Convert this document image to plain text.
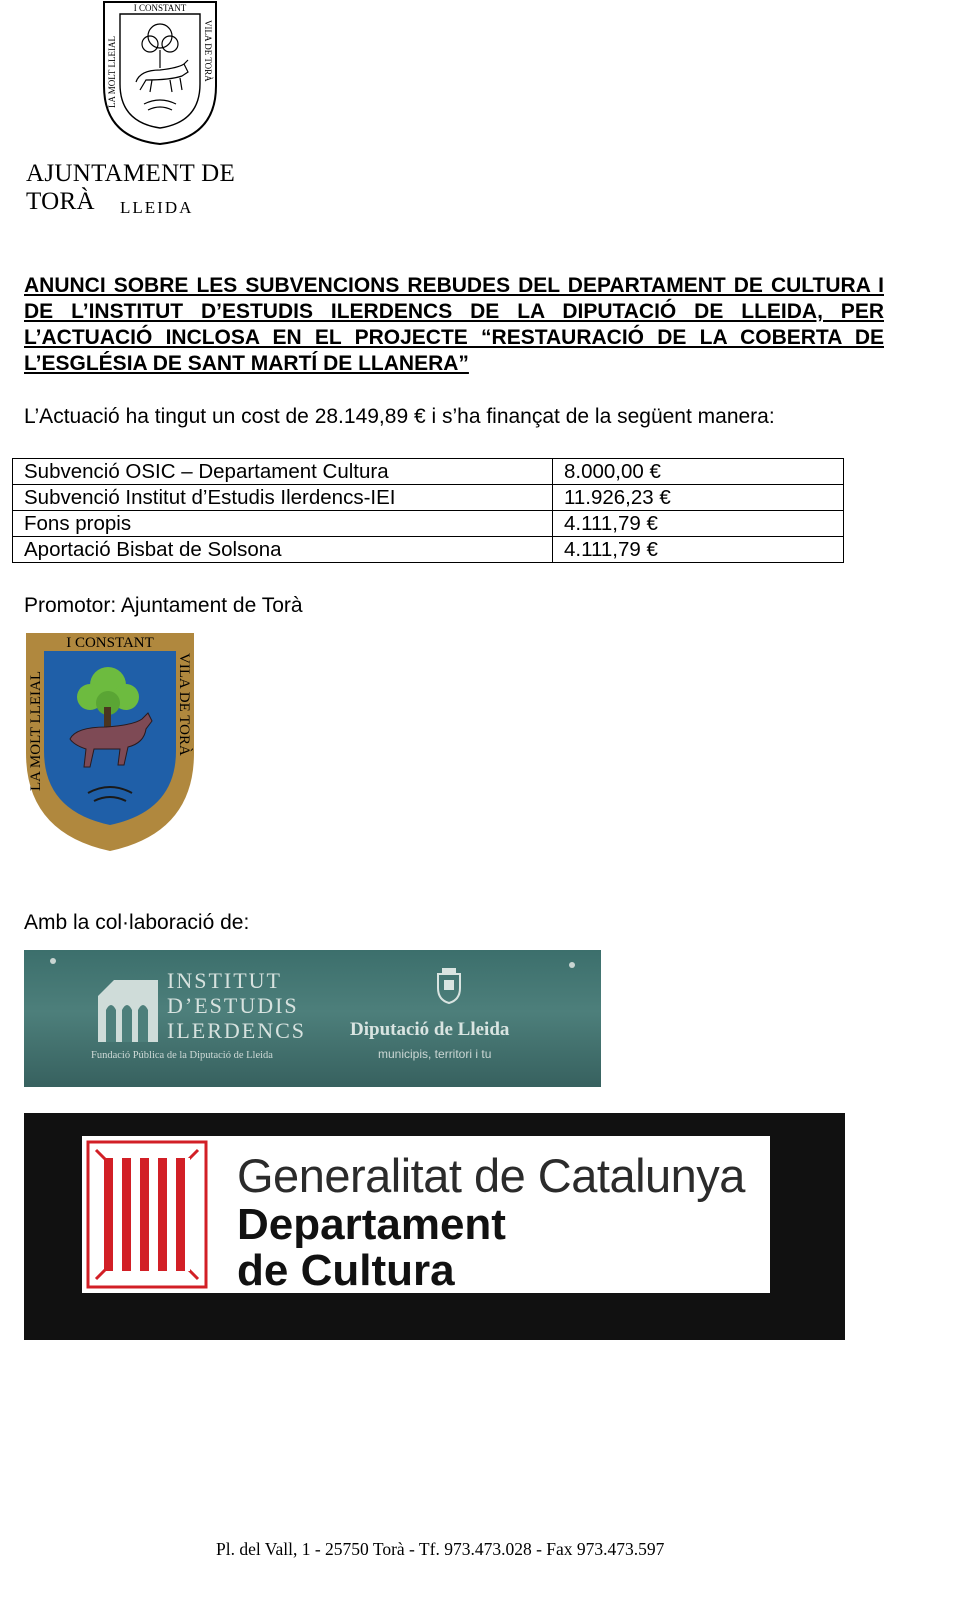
I CONSTANT
LA MOLT LLEIAL	VILA DE TORÀ
AJUNTAMENT DE TORÀ	LLEIDA
ANUNCI SOBRE LES SUBVENCIONS REBUDES DEL DEPARTAMENT DE CULTURA I DE L’INSTITUT D’ESTUDIS ILERDENCS DE LA DIPUTACIÓ DE LLEIDA, PER L’ACTUACIÓ INCLOSA EN EL PROJECTE “RESTAURACIÓ DE LA COBERTA DE L’ESGLÉSIA DE SANT MARTÍ DE LLANERA”
L’Actuació ha tingut un cost de 28.149,89 € i s’ha finançat de la següent manera:
Subvenció OSIC – Departament Cultura	8.000,00 €
Subvenció Institut d’Estudis Ilerdencs-IEI	11.926,23 €
Fons propis	4.111,79 €
Aportació Bisbat de Solsona	4.111,79 €
Promotor: Ajuntament de Torà
I CONSTANT
LA MOLT LLEIAL	VILA DE TORÀ
Amb la col·laboració de:
INSTITUT
D’ESTUDIS
ILERDENCS
Fundació Pública de la Diputació de Lleida
Diputació de Lleida
municipis, territori i tu
Generalitat de Catalunya
Departament
de Cultura
Pl. del Vall, 1 - 25750 Torà - Tf. 973.473.028 - Fax 973.473.597
